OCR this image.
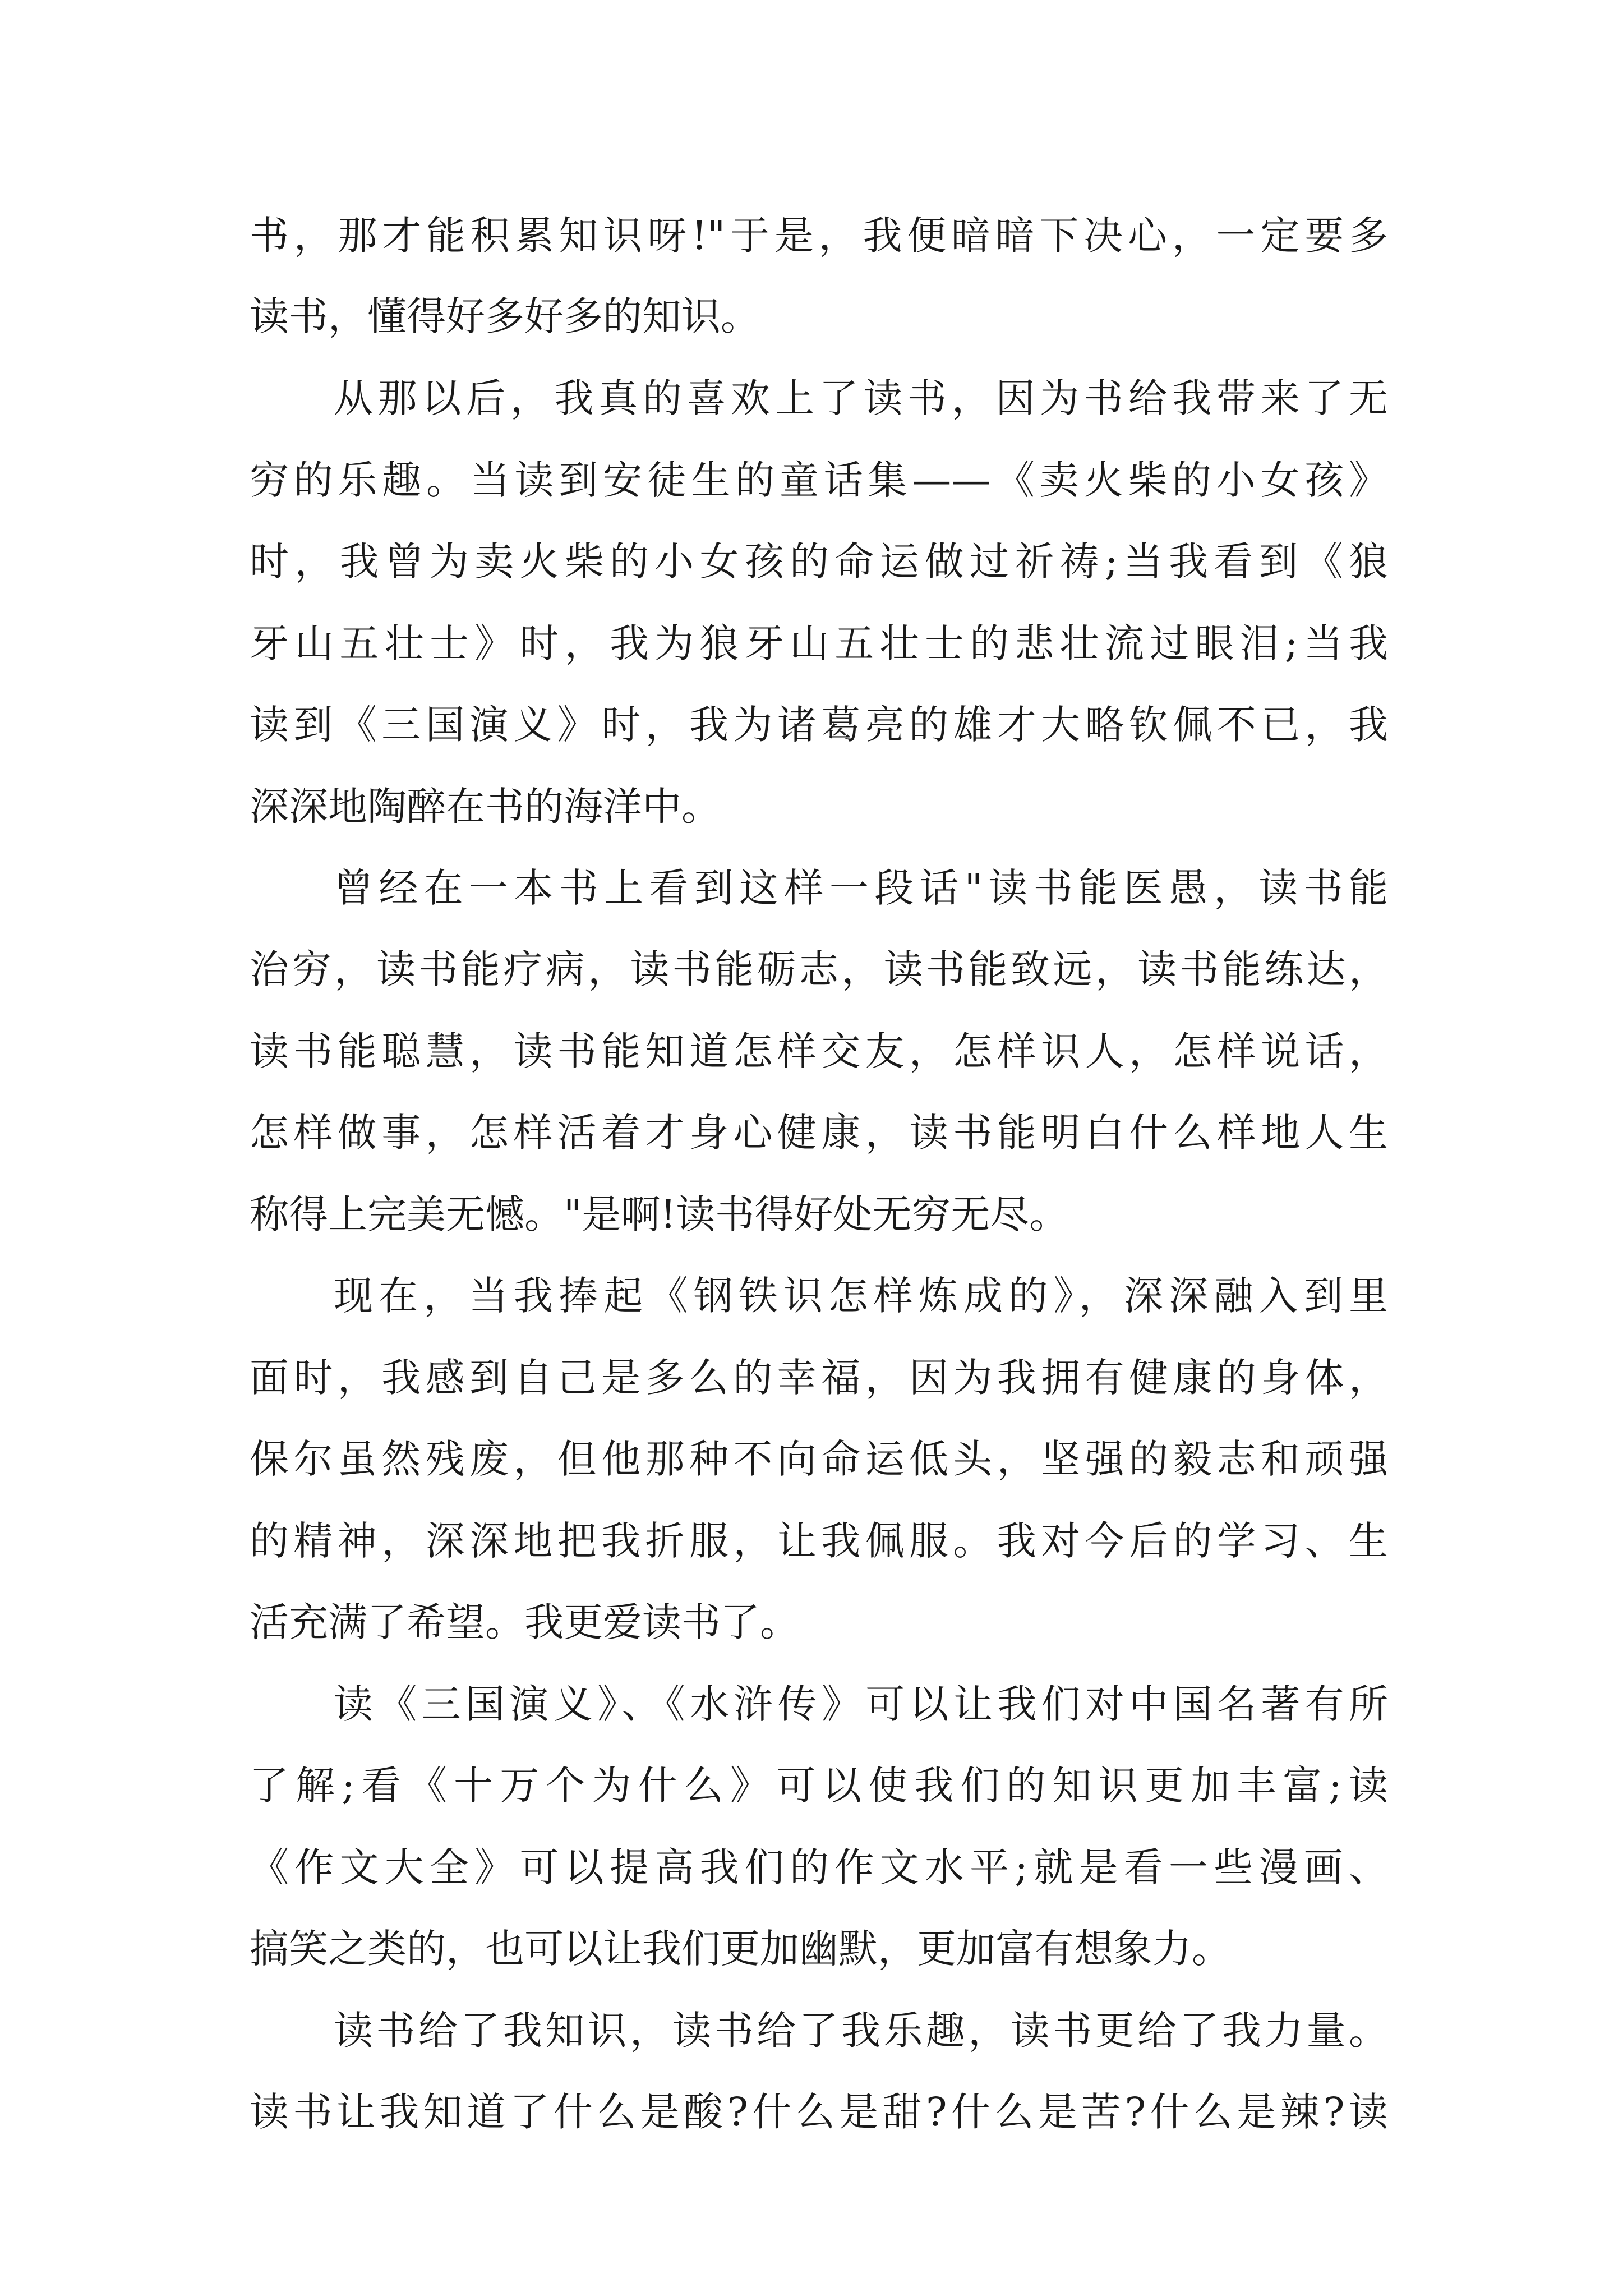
书，那才能积累知识呀!"于是，我便暗暗下决心，一定要多
读书，懂得好多好多的知识。
从那以后，我真的喜欢上了读书，因为书给我带来了无
穷的乐趣。当读到安徒生的童话集——《卖火柴的小女孩》
时，我曾为卖火柴的小女孩的命运做过祈祷;当我看到《狼
牙山五壮士》时，我为狼牙山五壮士的悲壮流过眼泪;当我
读到《三国演义》时，我为诸葛亮的雄才大略钦佩不已，我
深深地陶醉在书的海洋中。
曾经在一本书上看到这样一段话"读书能医愚，读书能
治穷，读书能疗病，读书能砺志，读书能致远，读书能练达，
读书能聪慧，读书能知道怎样交友，怎样识人，怎样说话，
怎样做事，怎样活着才身心健康，读书能明白什么样地人生
称得上完美无憾。"是啊!读书得好处无穷无尽。
现在，当我捧起《钢铁识怎样炼成的》，深深融入到里
面时，我感到自己是多么的幸福，因为我拥有健康的身体，
保尔虽然残废，但他那种不向命运低头，坚强的毅志和顽强
的精神，深深地把我折服，让我佩服。我对今后的学习、生
活充满了希望。我更爱读书了。
读《三国演义》、《水浒传》可以让我们对中国名著有所
了解;看《十万个为什么》可以使我们的知识更加丰富;读
《作文大全》可以提高我们的作文水平;就是看一些漫画、
搞笑之类的，也可以让我们更加幽默，更加富有想象力。
读书给了我知识，读书给了我乐趣，读书更给了我力量。
读书让我知道了什么是酸?什么是甜?什么是苦?什么是辣?读
